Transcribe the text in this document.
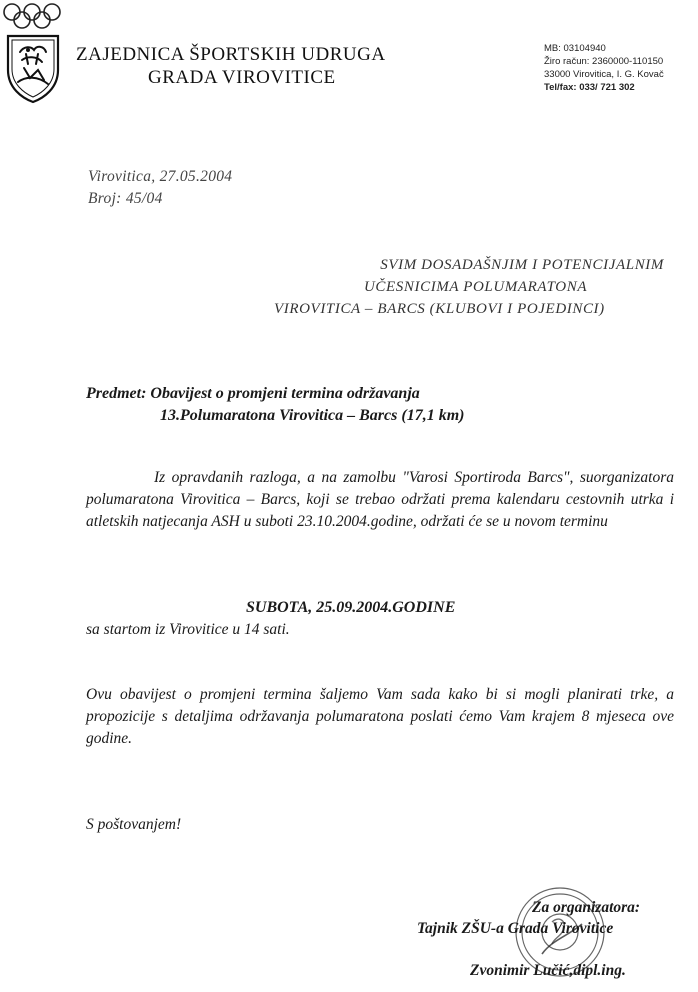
ZAJEDNICA ŠPORTSKIH UDRUGA
GRADA VIROVITICE
MB: 03104940
Žiro račun: 2360000-110150
33000 Virovitica, I. G. Kovač
Tel/fax: 033/ 721 302
Virovitica, 27.05.2004
Broj: 45/04
SVIM DOSADAŠNJIM I POTENCIJALNIM
UČESNICIMA POLUMARATONA
VIROVITICA – BARCS (KLUBOVI I POJEDINCI)
Predmet: Obavijest o promjeni termina održavanja
13.Polumaratona Virovitica – Barcs (17,1 km)
Iz opravdanih razloga, a na zamolbu "Varosi Sportiroda Barcs", suorganizatora polumaratona Virovitica – Barcs, koji se trebao održati prema kalendaru cestovnih utrka i atletskih natjecanja ASH u suboti 23.10.2004.godine, održati će se u novom terminu
SUBOTA, 25.09.2004.GODINE
sa startom iz Virovitice u 14 sati.
Ovu obavijest o promjeni termina šaljemo Vam sada kako bi si mogli planirati trke, a propozicije s detaljima održavanja polumaratona poslati ćemo Vam krajem 8 mjeseca ove godine.
S poštovanjem!
Za organizatora:
Tajnik ZŠU-a Grada Virovitice
Zvonimir Lučić,dipl.ing.
